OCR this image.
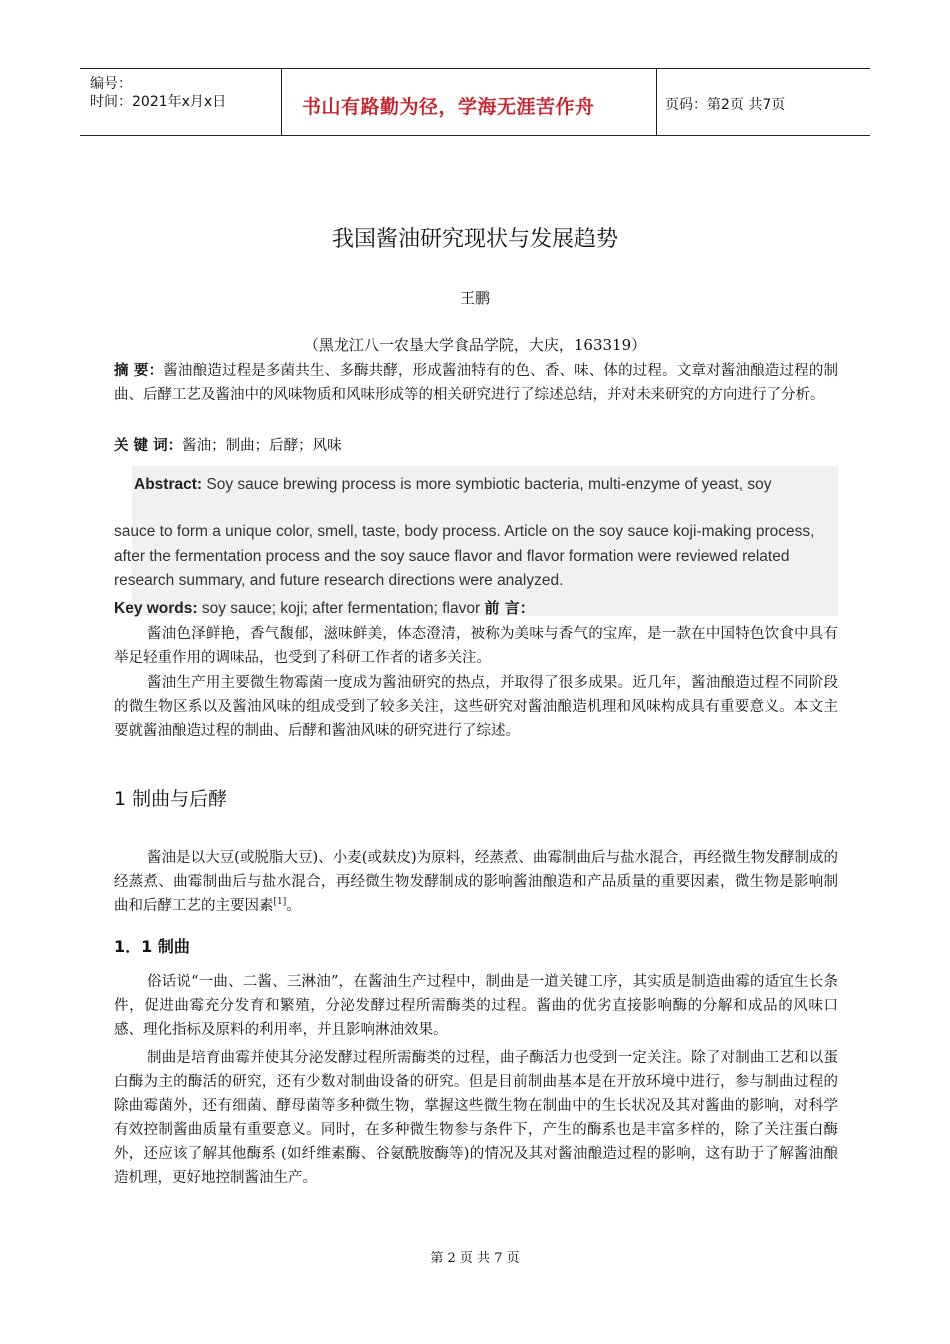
编号：
时间：2021年x月x日	书山有路勤为径，学海无涯苦作舟	页码：第2页 共7页
我国酱油研究现状与发展趋势
王鹏
（黑龙江八一农垦大学食品学院，大庆，163319）
摘 要：酱油酿造过程是多菌共生、多酶共酵，形成酱油特有的色、香、味、体的过程。文章对酱油酿造过程的制曲、后酵工艺及酱油中的风味物质和风味形成等的相关研究进行了综述总结，并对未来研究的方向进行了分析。
关 键 词：酱油；制曲；后酵；风味
Abstract: Soy sauce brewing process is more symbiotic bacteria, multi-enzyme of yeast, soy
sauce to form a unique color, smell, taste, body process. Article on the soy sauce koji-making process, after the fermentation process and the soy sauce flavor and flavor formation were reviewed related research summary, and future research directions were analyzed.
Key words: soy sauce; koji; after fermentation; flavor 前 言：
酱油色泽鲜艳，香气馥郁，滋味鲜美，体态澄清，被称为美味与香气的宝库，是一款在中国特色饮食中具有举足轻重作用的调味品，也受到了科研工作者的诸多关注。
酱油生产用主要微生物霉菌一度成为酱油研究的热点，并取得了很多成果。近几年，酱油酿造过程不同阶段的微生物区系以及酱油风味的组成受到了较多关注，这些研究对酱油酿造机理和风味构成具有重要意义。本文主要就酱油酿造过程的制曲、后酵和酱油风味的研究进行了综述。
1 制曲与后酵
酱油是以大豆(或脱脂大豆)、小麦(或麸皮)为原料，经蒸煮、曲霉制曲后与盐水混合，再经微生物发酵制成的经蒸煮、曲霉制曲后与盐水混合，再经微生物发酵制成的影响酱油酿造和产品质量的重要因素，微生物是影响制曲和后酵工艺的主要因素[1]。
1．1 制曲
俗话说“一曲、二酱、三淋油”，在酱油生产过程中，制曲是一道关键工序，其实质是制造曲霉的适宜生长条件，促进曲霉充分发育和繁殖，分泌发酵过程所需酶类的过程。酱曲的优劣直接影响酶的分解和成品的风味口感、理化指标及原料的利用率，并且影响淋油效果。
制曲是培育曲霉并使其分泌发酵过程所需酶类的过程，曲子酶活力也受到一定关注。除了对制曲工艺和以蛋白酶为主的酶活的研究，还有少数对制曲设备的研究。但是目前制曲基本是在开放环境中进行，参与制曲过程的除曲霉菌外，还有细菌、酵母菌等多种微生物，掌握这些微生物在制曲中的生长状况及其对酱曲的影响，对科学有效控制酱曲质量有重要意义。同时，在多种微生物参与条件下，产生的酶系也是丰富多样的，除了关注蛋白酶外，还应该了解其他酶系 (如纤维素酶、谷氨酰胺酶等)的情况及其对酱油酿造过程的影响，这有助于了解酱油酿造机理，更好地控制酱油生产。
第 2 页 共 7 页
